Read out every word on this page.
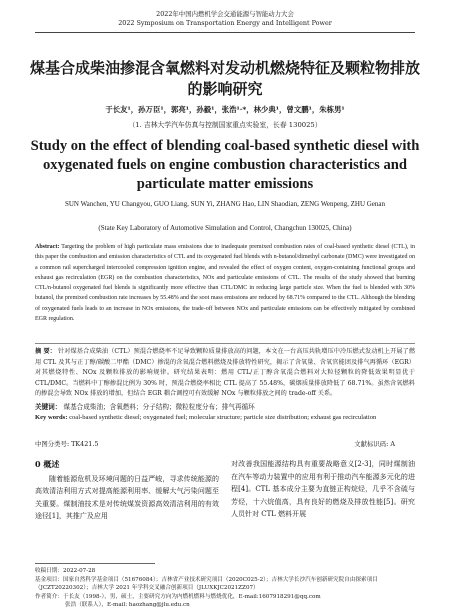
2022年中国内燃机学会交通能源与智能动力大会
2022 Symposium on Transportation Energy and Intelligent Power
煤基合成柴油掺混含氧燃料对发动机燃烧特征及颗粒物排放的影响研究
于长友¹，孙万臣¹，郭亮¹，孙毅¹，张浩¹·*，林少典¹，曾文鹏¹，朱栋男¹
（1. 吉林大学汽车仿真与控制国家重点实验室，长春 130025）
Study on the effect of blending coal-based synthetic diesel with oxygenated fuels on engine combustion characteristics and particulate matter emissions
SUN Wanchen, YU Changyou, GUO Liang, SUN Yi, ZHANG Hao, LIN Shaodian, ZENG Wenpeng, ZHU Genan
(State Key Laboratory of Automotive Simulation and Control, Changchun 130025, China)
Abstract: Targeting the problem of high particulate mass emissions due to inadequate premixed combustion rates of coal-based synthetic diesel (CTL), in this paper the combustion and emission characteristics of CTL and its oxygenated fuel blends with n-butanol/dimethyl carbonate (DMC) were investigated on a common rail supercharged intercooled compression ignition engine, and revealed the effect of oxygen content, oxygen-containing functional groups and exhaust gas recirculation (EGR) on the combustion characteristics, NOx and particulate emissions of CTL. The results of the study showed that burning CTL/n-butanol oxygenated fuel blends is significantly more effective than CTL/DMC in reducing large particle size. When the fuel is blended with 30% butanol, the premixed combustion rate increases by 55.48% and the soot mass emissions are reduced by 68.71% compared to the CTL. Although the blending of oxygenated fuels leads to an increase in NOx emissions, the trade-off between NOx and particulate emissions can be effectively mitigated by combined EGR regulation.
摘 要： 针对煤基合成柴油（CTL）预混合燃烧率不足导致颗粒质量排放高的问题，本文在一台高压共轨增压中冷压燃式发动机上开展了燃用 CTL 及其与正丁醇/碳酸二甲酯（DMC）掺混的含氧混合燃料燃烧及排放特性研究，揭示了含氧量、含氧官能团及排气再循环（EGR）对其燃烧特性、NOx 及颗粒排放的影响规律。研究结果表明：燃用 CTL/正丁醇含氧混合燃料对大粒径颗粒的降低效果明显优于 CTL/DMC。当燃料中丁醇掺混比例为 30% 时，预混合燃烧率相比 CTL 提高了 55.48%，碳烟质量排放降低了 68.71%。虽然含氧燃料的掺混会导致 NOx 排放的增加，但结合 EGR 耦合调控可有效缓解 NOx 与颗粒排放之间的 trade-off 关系。
关键词： 煤基合成柴油；含氧燃料；分子结构；微粒粒度分布；排气再循环
Key words: coal-based synthetic diesel; oxygenated fuel; molecular structure; particle size distribution; exhaust gas recirculation
中图分类号: TK421.5	文献标识码: A
0 概述
随着能源危机及环境问题的日益严峻，寻求传统能源的高效清洁利用方式对提高能源利用率、缓解大气污染问题至关重要。煤制油技术是对传统煤炭资源高效清洁利用的有效途径[1]，其推广及应用
对改善我国能源结构具有重要战略意义[2-3]，同时煤制油在汽车等动力装置中的应用有利于推动汽车能源多元化的进程[4]。CTL 基本成分主要为直链正构烷烃，几乎不含硫与芳烃，十六烷值高，具有良好的燃烧及排放性能[5]。研究人员针对 CTL 燃料开展
收稿日期：2022-07-28
基金项目：国家自然科学基金项目（51676084）；吉林省产业技术研究项目（2020C025-2）；吉林大学长沙汽车创新研究院自由探索项目（JCZT20220302）；吉林大学 2021 年学科交叉融合创新项目（JLUXKJC2021ZZ07）
作者简介：于长友（1998-），男，硕士，主要研究方向为内燃机燃料与燃烧优化，E-mail:1607918291@qq.com
张浩（联系人），E-mail: haozhang@jlu.edu.cn
